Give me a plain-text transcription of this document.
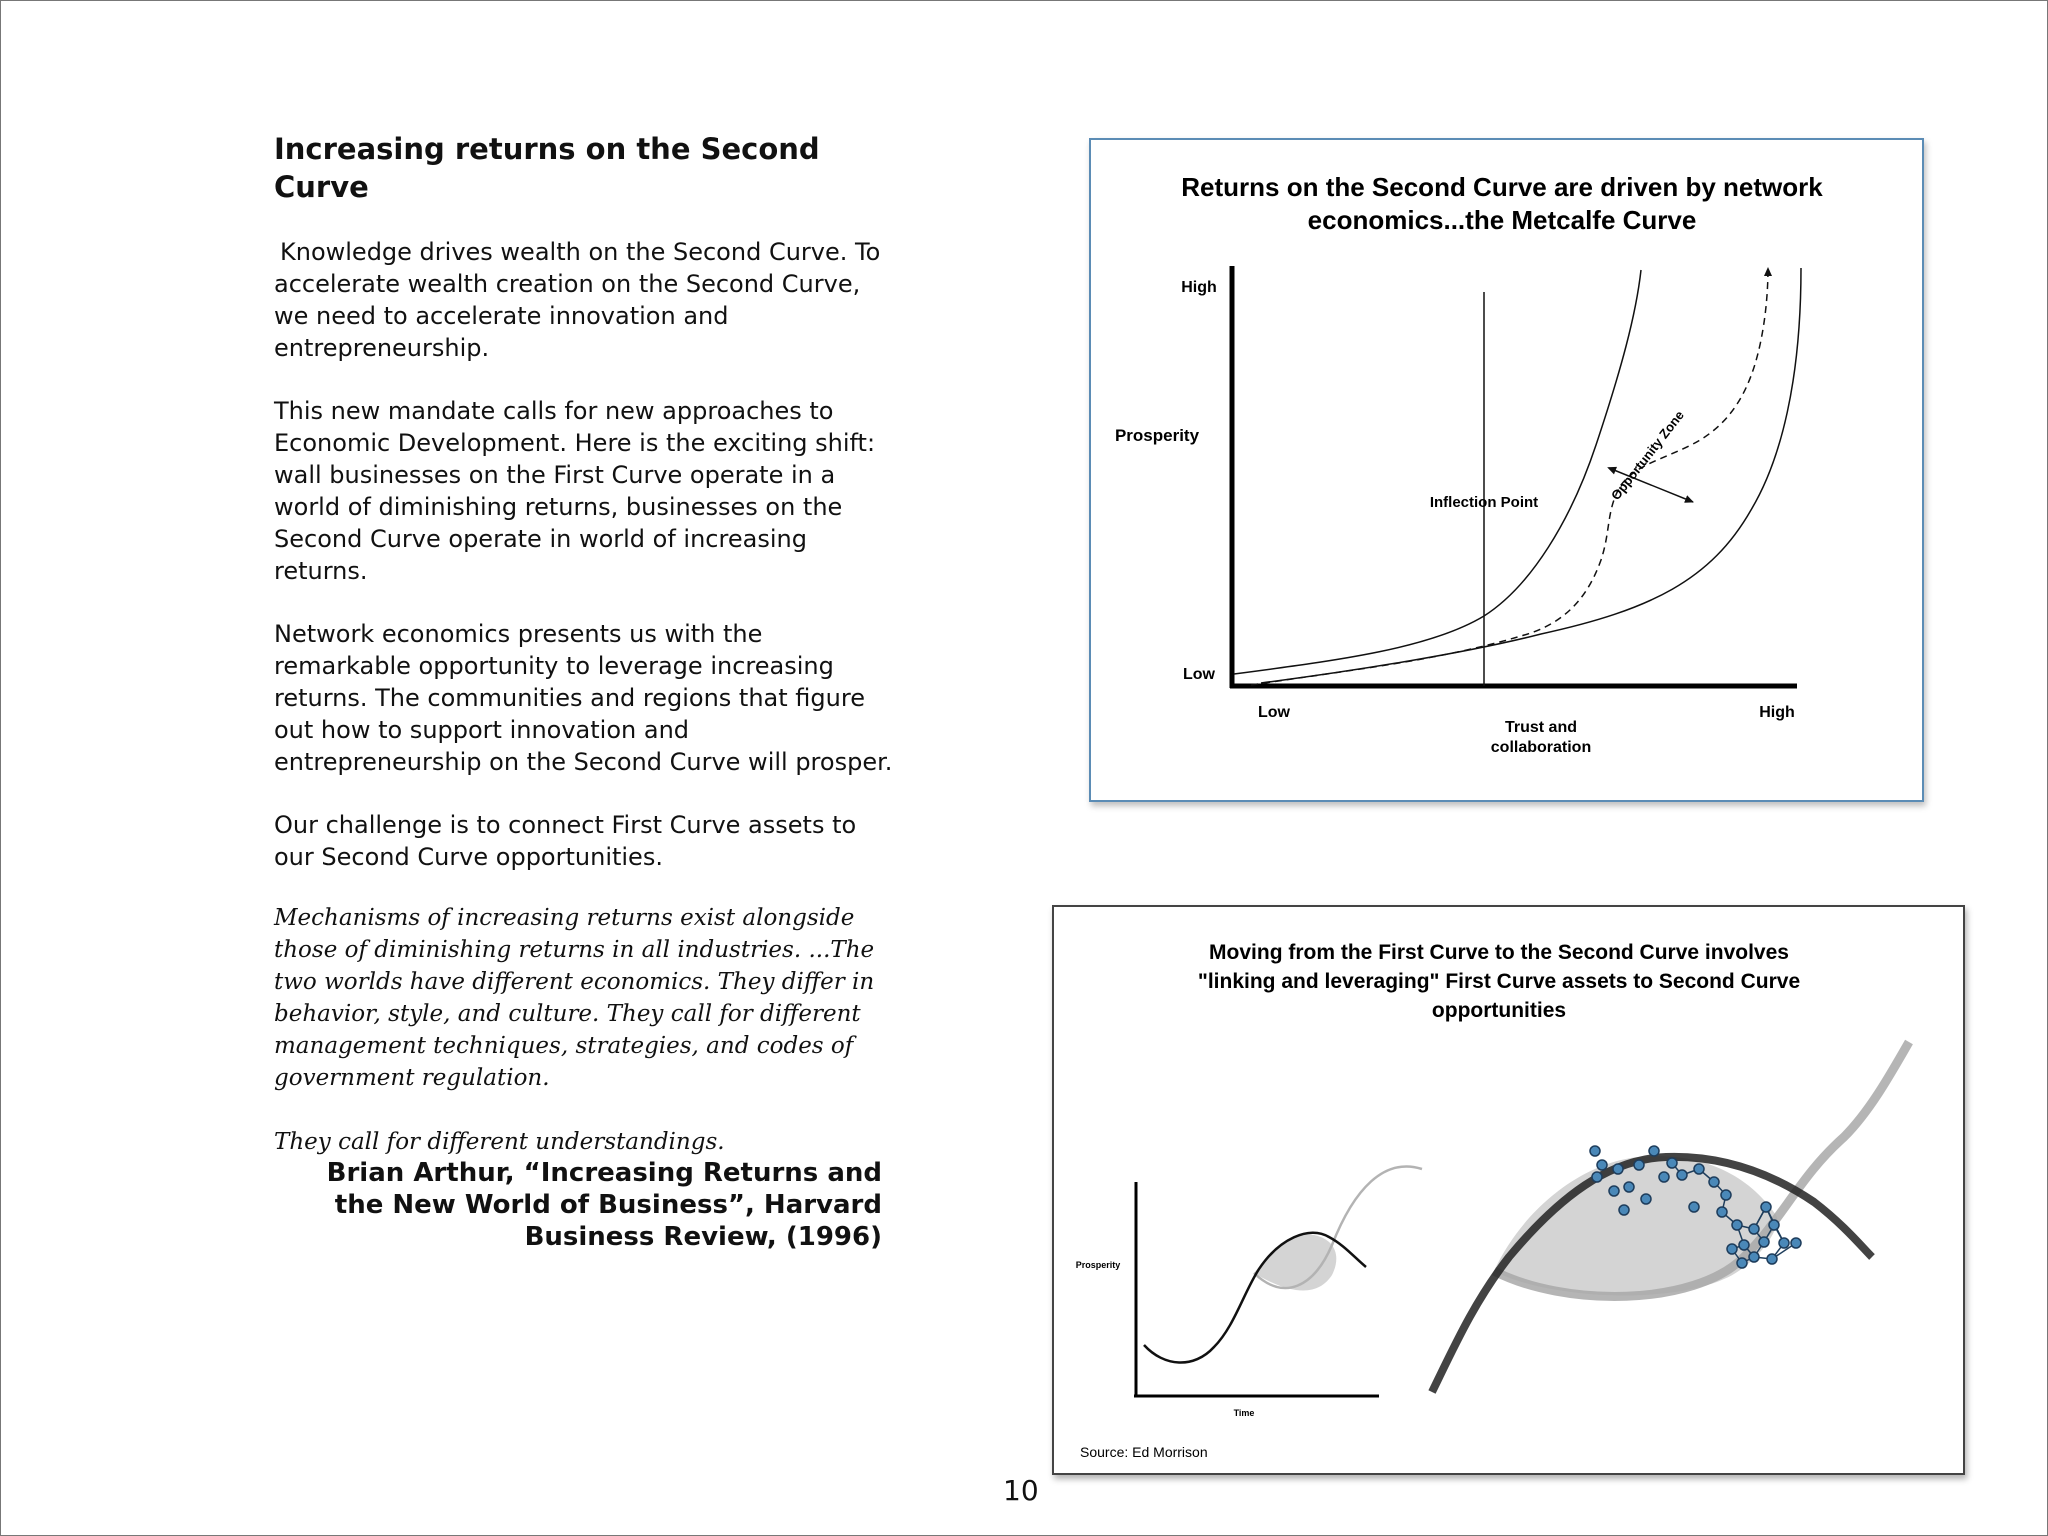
Increasing returns on the Second Curve

Knowledge drives wealth on the Second Curve. To accelerate wealth creation on the Second Curve, we need to accelerate innovation and entrepreneurship.

This new mandate calls for new approaches to Economic Development. Here is the exciting shift: wall businesses on the First Curve operate in a world of diminishing returns, businesses on the Second Curve operate in world of increasing returns.

Network economics presents us with the remarkable opportunity to leverage increasing returns. The communities and regions that figure out how to support innovation and entrepreneurship on the Second Curve will prosper.

Our challenge is to connect First Curve assets to our Second Curve opportunities.

Mechanisms of increasing returns exist alongside those of diminishing returns in all industries. ...The two worlds have different economics. They differ in behavior, style, and culture. They call for different management techniques, strategies, and codes of government regulation.

They call for different understandings.

Brian Arthur, “Increasing Returns and the New World of Business”, Harvard Business Review, (1996)
Returns on the Second Curve are driven by network
economics...the Metcalfe Curve
High
Prosperity
Low
Low	High
Trust and
collaboration
Inflection Point	Opportunity Zone
Moving from the First Curve to the Second Curve involves
"linking and leveraging" First Curve assets to Second Curve
opportunities
Prosperity
Time
Source: Ed Morrison
10
